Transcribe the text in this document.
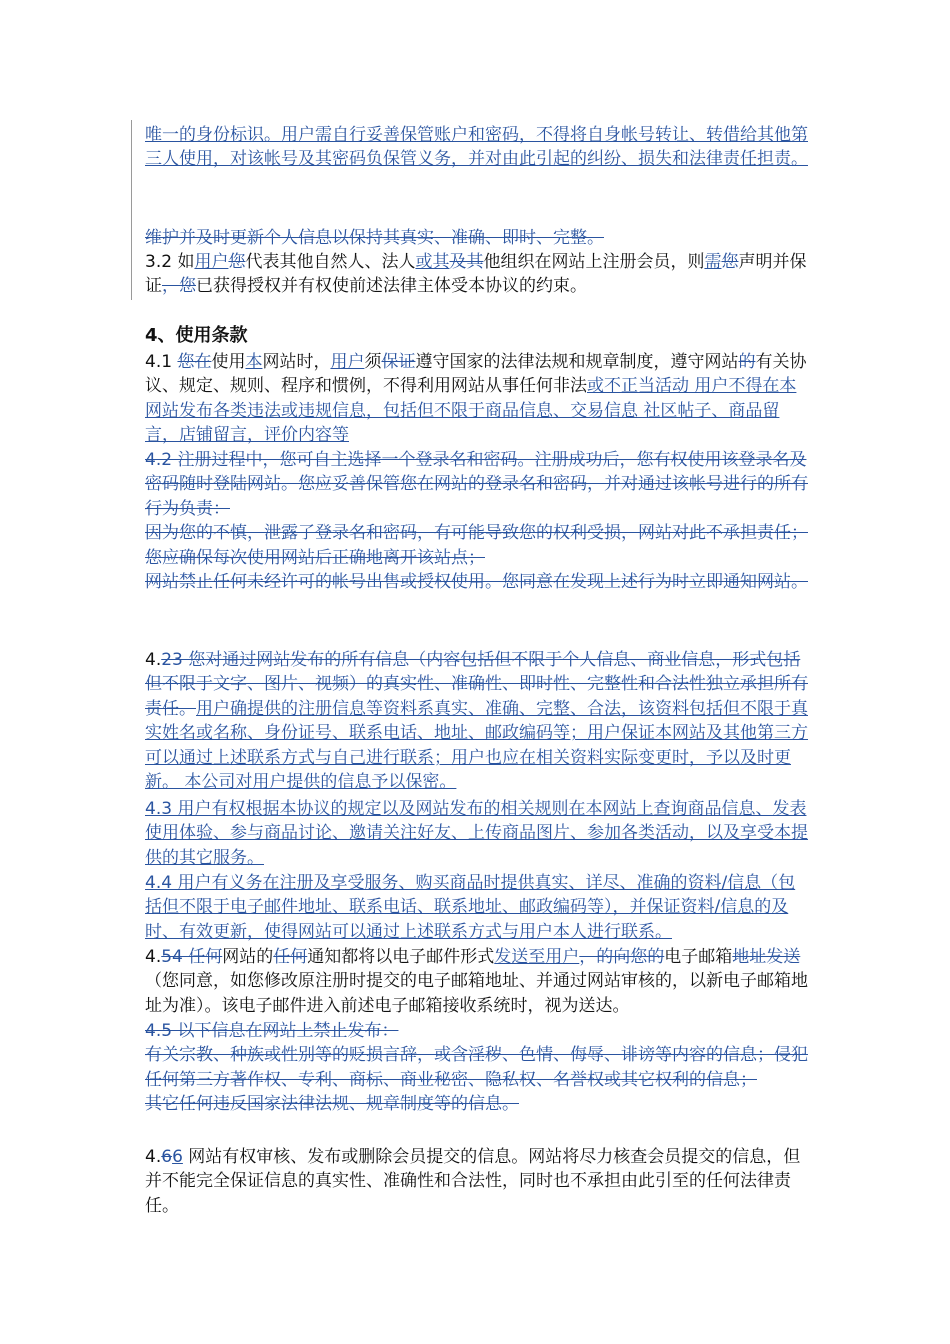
唯一的身份标识。用户需自行妥善保管账户和密码，不得将自身帐号转让、转借给其他第三人使用，对该帐号及其密码负保管义务，并对由此引起的纠纷、损失和法律责任担责。

维护并及时更新个人信息以保持其真实、准确、即时、完整。

3.2 如用户您代表其他自然人、法人或其及其他组织在网站上注册会员，则需您声明并保证，您已获得授权并有权使前述法律主体受本协议的约束。

4、使用条款

4.1 您在使用本网站时，用户须保证遵守国家的法律法规和规章制度，遵守网站的有关协议、规定、规则、程序和惯例，不得利用网站从事任何非法或不正当活动 用户不得在本网站发布各类违法或违规信息，包括但不限于商品信息、交易信息 社区帖子、商品留言，店铺留言，评价内容等

4.2 注册过程中，您可自主选择一个登录名和密码。注册成功后，您有权使用该登录名及密码随时登陆网站。您应妥善保管您在网站的登录名和密码，并对通过该帐号进行的所有行为负责：
因为您的不慎，泄露了登录名和密码，有可能导致您的权利受损，网站对此不承担责任；
您应确保每次使用网站后正确地离开该站点；
网站禁止任何未经许可的帐号出售或授权使用。您同意在发现上述行为时立即通知网站。

4.23 您对通过网站发布的所有信息（内容包括但不限于个人信息、商业信息，形式包括但不限于文字、图片、视频）的真实性、准确性、即时性、完整性和合法性独立承担所有责任。用户确提供的注册信息等资料系真实、准确、完整、合法，该资料包括但不限于真实姓名或名称、身份证号、联系电话、地址、邮政编码等；用户保证本网站及其他第三方可以通过上述联系方式与自己进行联系；用户也应在相关资料实际变更时，予以及时更新。 本公司对用户提供的信息予以保密。

4.3 用户有权根据本协议的规定以及网站发布的相关规则在本网站上查询商品信息、发表使用体验、参与商品讨论、邀请关注好友、上传商品图片、参加各类活动，以及享受本提供的其它服务。

4.4 用户有义务在注册及享受服务、购买商品时提供真实、详尽、准确的资料/信息（包括但不限于电子邮件地址、联系电话、联系地址、邮政编码等），并保证资料/信息的及时、有效更新，使得网站可以通过上述联系方式与用户本人进行联系。

4.54 任何网站的任何通知都将以电子邮件形式发送至用户，的向您的电子邮箱地址发送（您同意，如您修改原注册时提交的电子邮箱地址、并通过网站审核的，以新电子邮箱地址为准）。该电子邮件进入前述电子邮箱接收系统时，视为送达。

4.5 以下信息在网站上禁止发布：
有关宗教、种族或性别等的贬损言辞，或含淫秽、色情、侮辱、诽谤等内容的信息；侵犯任何第三方著作权、专利、商标、商业秘密、隐私权、名誉权或其它权利的信息；
其它任何违反国家法律法规、规章制度等的信息。

4.66 网站有权审核、发布或删除会员提交的信息。网站将尽力核查会员提交的信息，但并不能完全保证信息的真实性、准确性和合法性，同时也不承担由此引至的任何法律责任。
